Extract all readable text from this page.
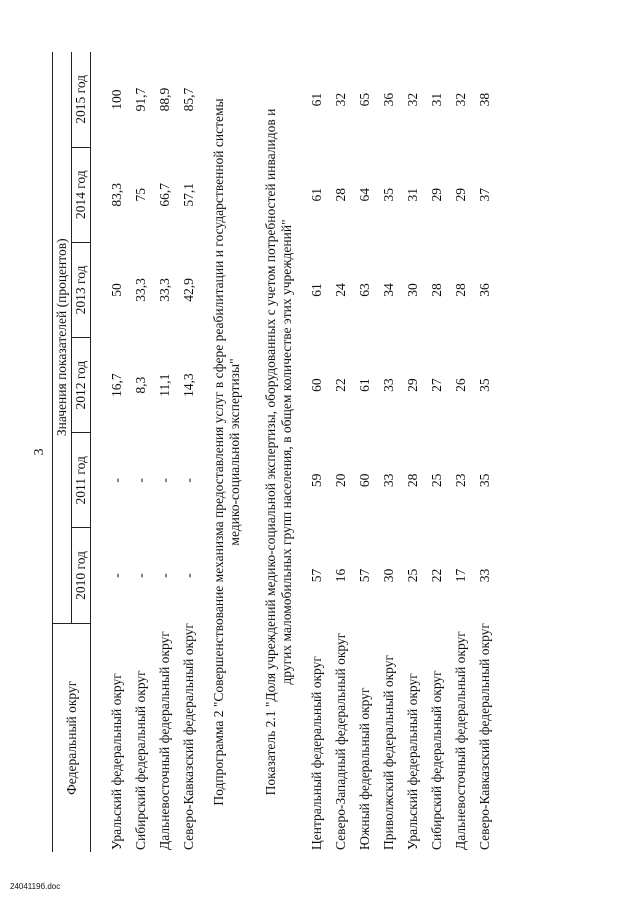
3
Федеральный округ	Значения показателей (процентов)					
	2010 год	2011 год	2012 год	2013 год	2014 год	2015 год

Уральский федеральный округ	-	-	16,7	50	83,3	100
Сибирский федеральный округ	-	-	8,3	33,3	75	91,7
Дальневосточный федеральный округ	-	-	11,1	33,3	66,7	88,9
Северо-Кавказский федеральный округ	-	-	14,3	42,9	57,1	85,7
Подпрограмма 2 "Совершенствование механизма предоставления услуг в сфере реабилитации и государственной системы медико-социальной экспертизы"						
Показатель 2.1 "Доля учреждений медико-социальной экспертизы, оборудованных с учетом потребностей инвалидов и других маломобильных групп населения, в общем количестве этих учреждений"						
Центральный федеральный округ	57	59	60	61	61	61
Северо-Западный федеральный округ	16	20	22	24	28	32
Южный федеральный округ	57	60	61	63	64	65
Приволжский федеральный округ	30	33	33	34	35	36
Уральский федеральный округ	25	28	29	30	31	32
Сибирский федеральный округ	22	25	27	28	29	31
Дальневосточный федеральный округ	17	23	26	28	29	32
Северо-Кавказский федеральный округ	33	35	35	36	37	38
2404119б.doc
